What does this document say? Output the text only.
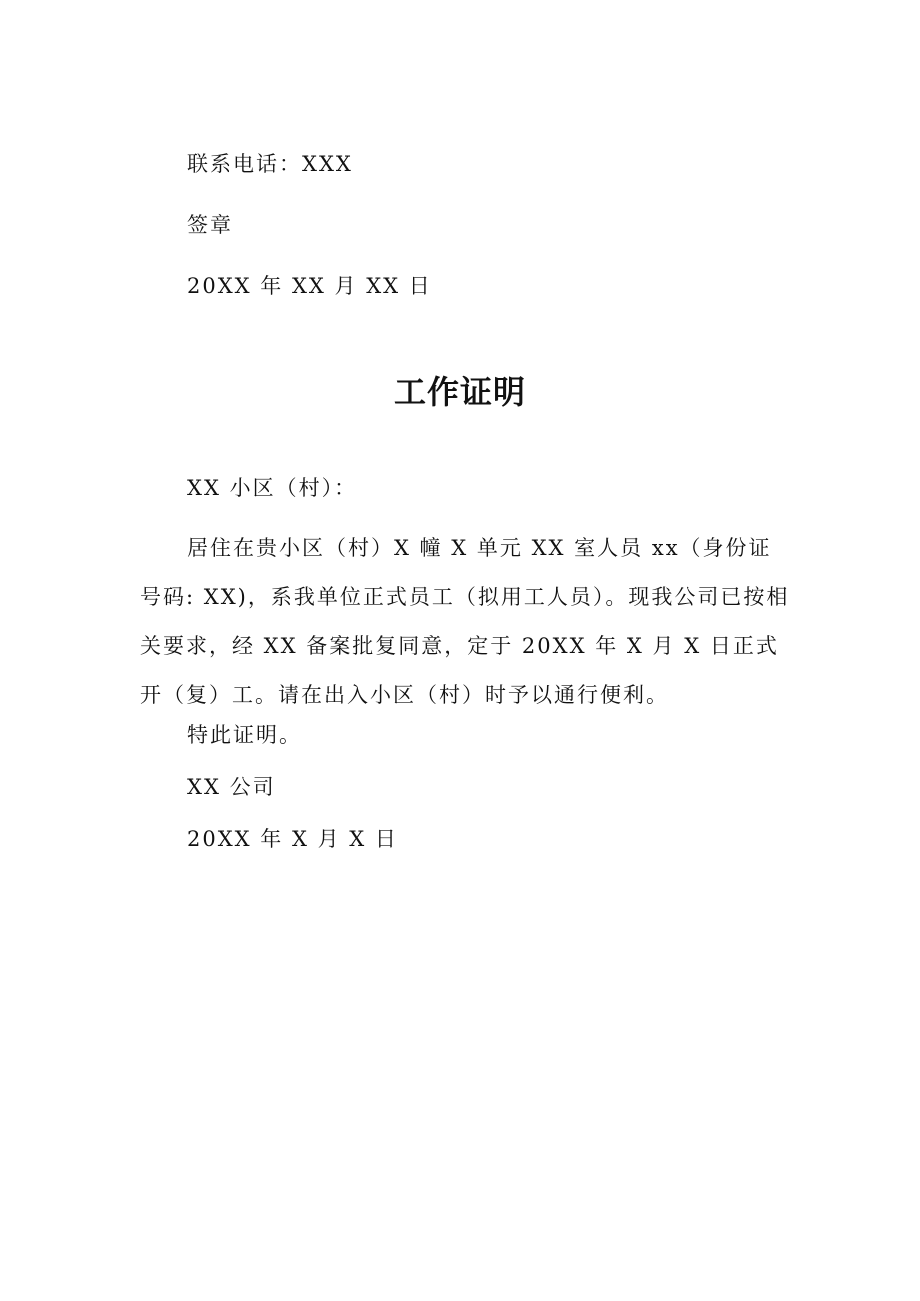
联系电话：XXX
签章
20XX 年 XX 月 XX 日
工作证明
XX 小区（村）：
居住在贵小区（村）X 幢 X 单元 XX 室人员 xx（身份证号码: XX)，系我单位正式员工（拟用工人员）。现我公司已按相关要求，经 XX 备案批复同意，定于 20XX 年 X 月 X 日正式开（复）工。请在出入小区（村）时予以通行便利。
特此证明。
XX 公司
20XX 年 X 月 X 日
